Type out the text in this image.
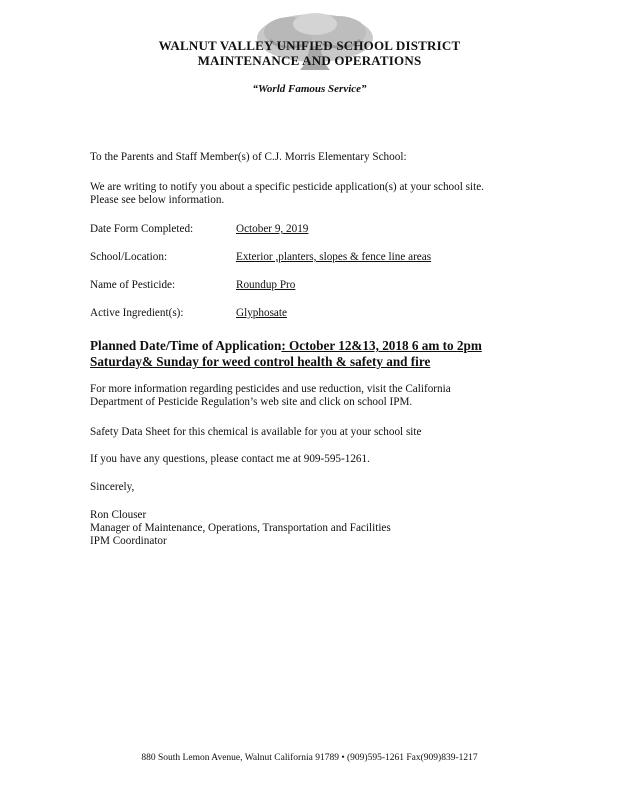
WALNUT VALLEY UNIFIED SCHOOL DISTRICT
MAINTENANCE AND OPERATIONS
“World Famous Service”
To the Parents and Staff Member(s) of C.J. Morris Elementary School:
We are writing to notify you about a specific pesticide application(s) at your school site.
Please see below information.
Date Form Completed:	October 9, 2019
School/Location:	Exterior ,planters, slopes & fence line areas
Name of Pesticide:	Roundup Pro
Active Ingredient(s):	Glyphosate
Planned Date/Time of Application: October 12&13, 2018 6 am to 2pm
Saturday& Sunday for weed control health & safety and fire
For more information regarding pesticides and use reduction, visit the California
Department of Pesticide Regulation’s web site and click on school IPM.
Safety Data Sheet for this chemical is available for you at your school site
If you have any questions, please contact me at 909-595-1261.
Sincerely,
Ron Clouser
Manager of Maintenance, Operations, Transportation and Facilities
IPM Coordinator
880 South Lemon Avenue, Walnut California 91789 • (909)595-1261 Fax(909)839-1217
